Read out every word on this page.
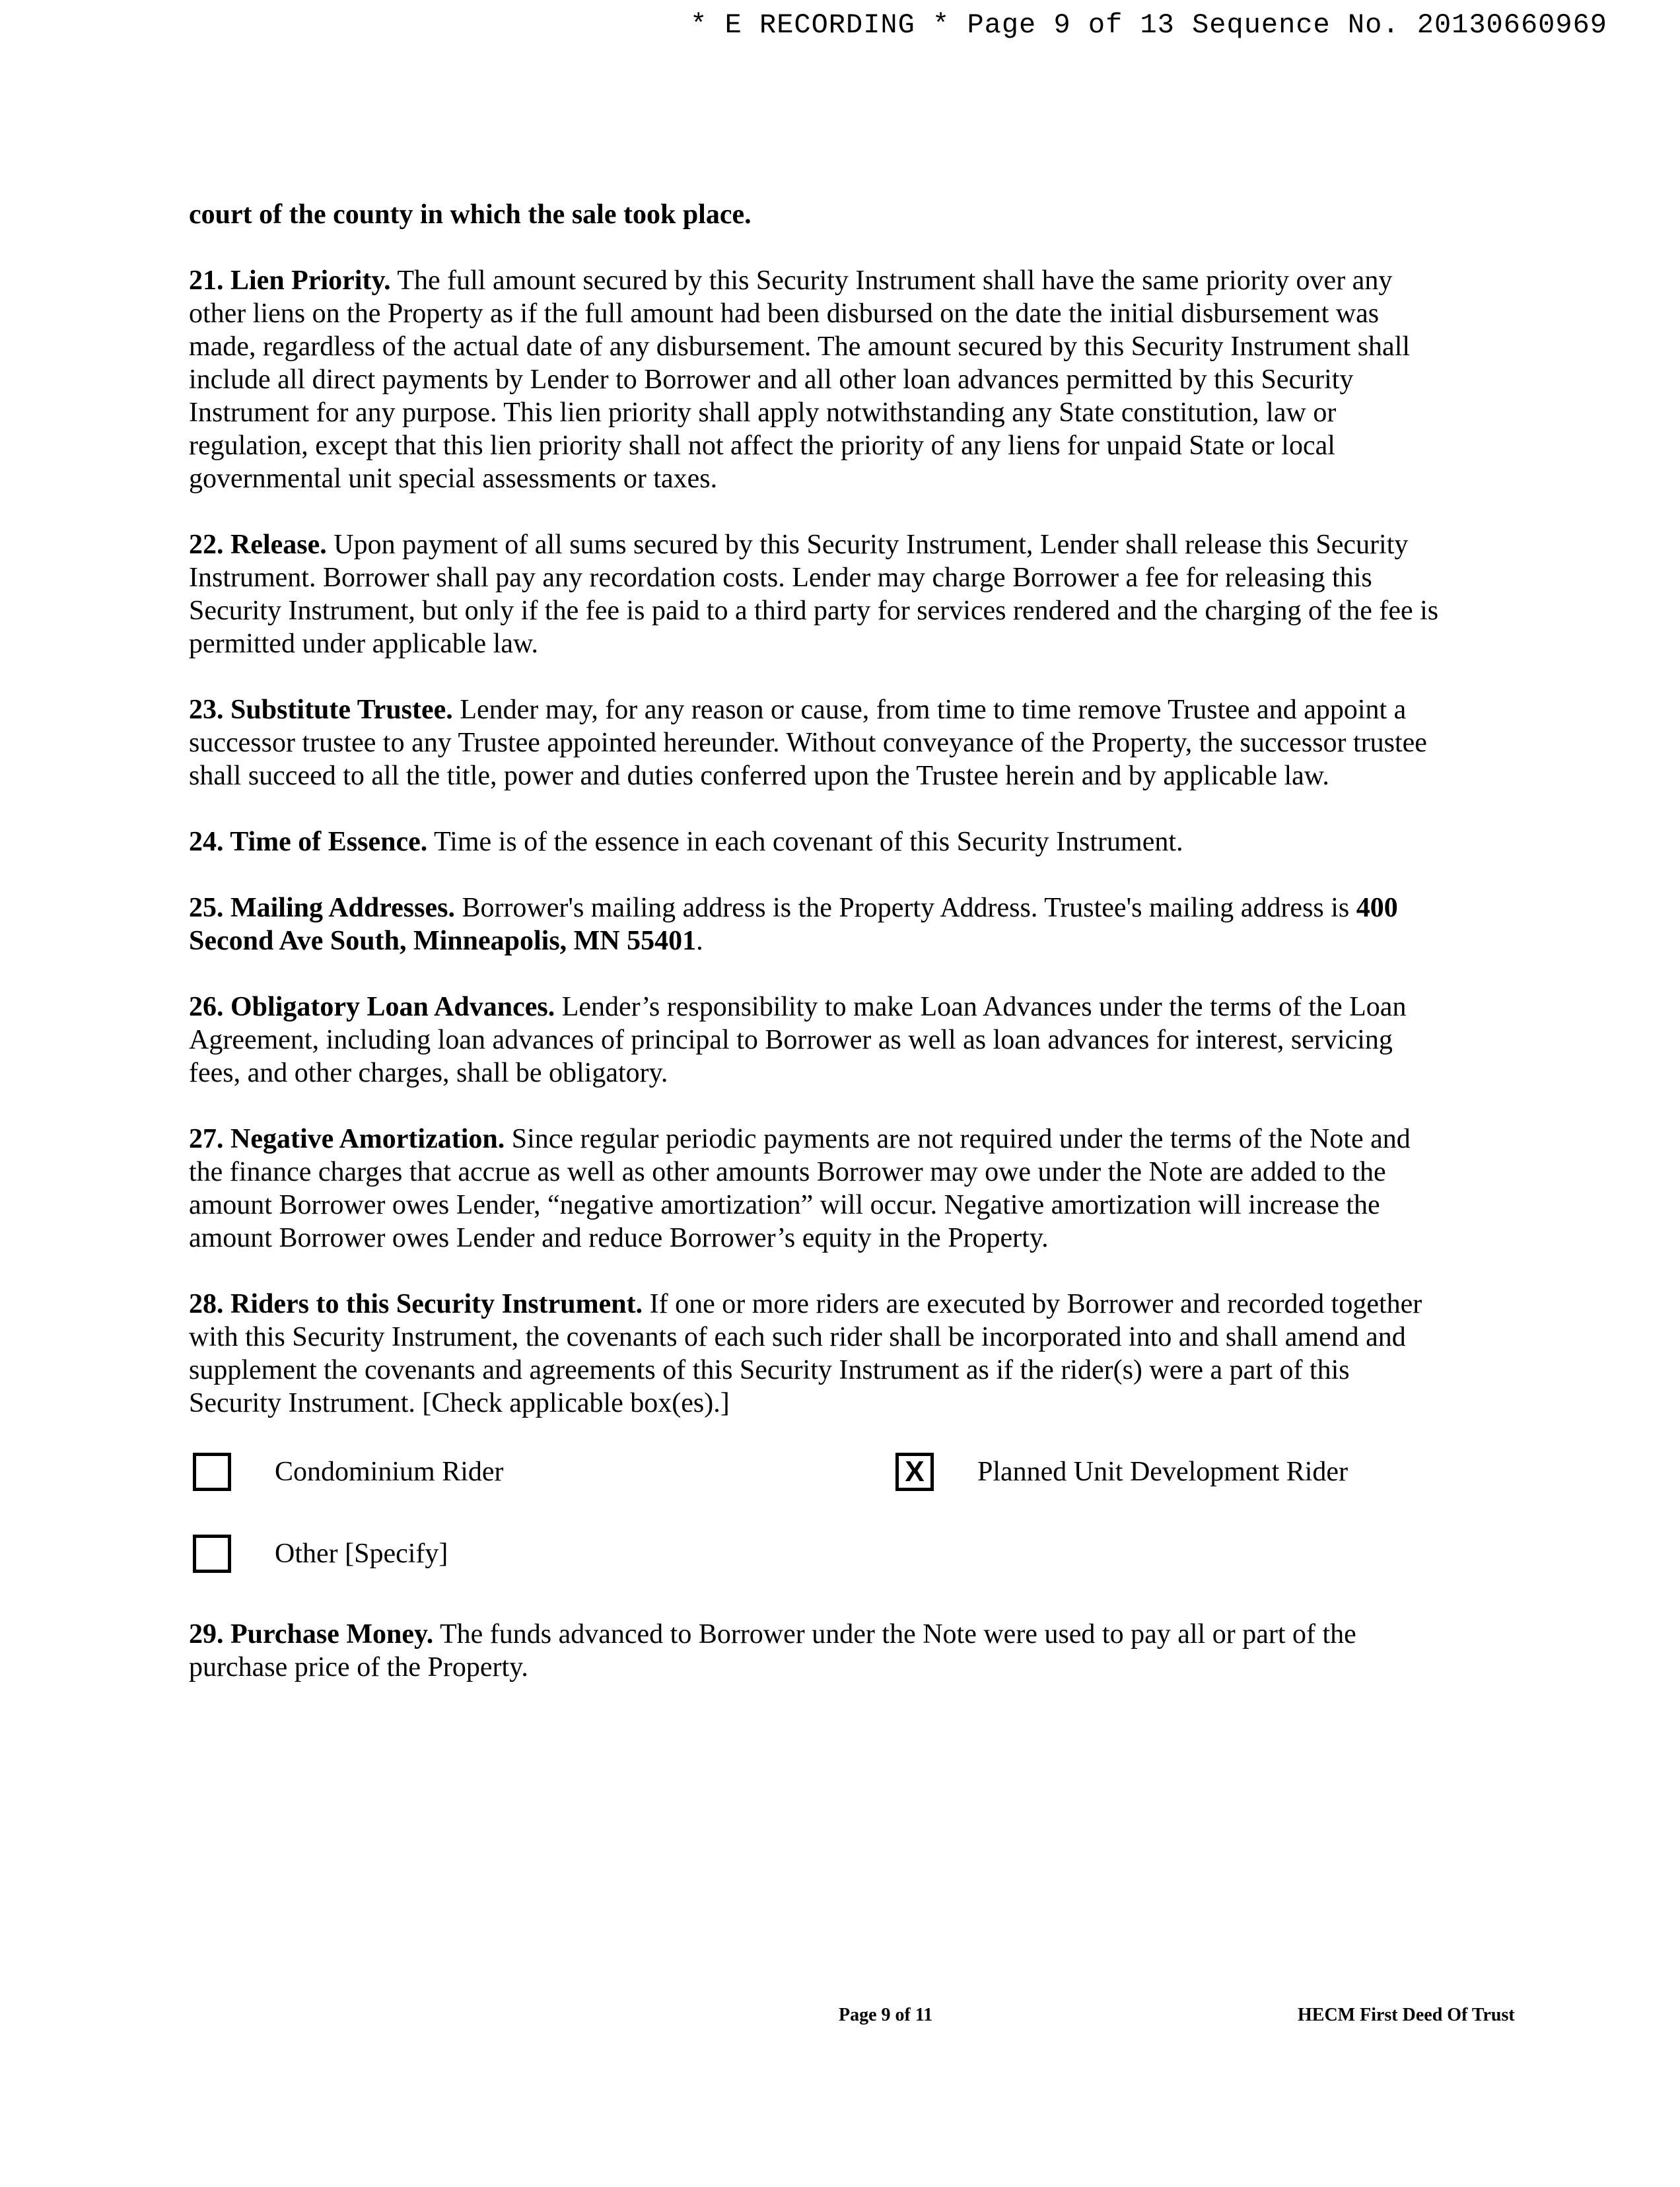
* E RECORDING * Page 9 of 13 Sequence No. 20130660969
court of the county in which the sale took place.

21. Lien Priority. The full amount secured by this Security Instrument shall have the same priority over any other liens on the Property as if the full amount had been disbursed on the date the initial disbursement was made, regardless of the actual date of any disbursement. The amount secured by this Security Instrument shall include all direct payments by Lender to Borrower and all other loan advances permitted by this Security Instrument for any purpose. This lien priority shall apply notwithstanding any State constitution, law or regulation, except that this lien priority shall not affect the priority of any liens for unpaid State or local governmental unit special assessments or taxes.

22. Release. Upon payment of all sums secured by this Security Instrument, Lender shall release this Security Instrument. Borrower shall pay any recordation costs. Lender may charge Borrower a fee for releasing this Security Instrument, but only if the fee is paid to a third party for services rendered and the charging of the fee is permitted under applicable law.

23. Substitute Trustee. Lender may, for any reason or cause, from time to time remove Trustee and appoint a successor trustee to any Trustee appointed hereunder. Without conveyance of the Property, the successor trustee shall succeed to all the title, power and duties conferred upon the Trustee herein and by applicable law.

24. Time of Essence. Time is of the essence in each covenant of this Security Instrument.

25. Mailing Addresses. Borrower's mailing address is the Property Address. Trustee's mailing address is 400 Second Ave South, Minneapolis, MN 55401.

26. Obligatory Loan Advances. Lender’s responsibility to make Loan Advances under the terms of the Loan Agreement, including loan advances of principal to Borrower as well as loan advances for interest, servicing fees, and other charges, shall be obligatory.

27. Negative Amortization. Since regular periodic payments are not required under the terms of the Note and the finance charges that accrue as well as other amounts Borrower may owe under the Note are added to the amount Borrower owes Lender, “negative amortization” will occur. Negative amortization will increase the amount Borrower owes Lender and reduce Borrower’s equity in the Property.

28. Riders to this Security Instrument. If one or more riders are executed by Borrower and recorded together with this Security Instrument, the covenants of each such rider shall be incorporated into and shall amend and supplement the covenants and agreements of this Security Instrument as if the rider(s) were a part of this Security Instrument. [Check applicable box(es).]

Condominium Rider	X	Planned Unit Development Rider
Other [Specify]

29. Purchase Money. The funds advanced to Borrower under the Note were used to pay all or part of the purchase price of the Property.

Page 9 of 11	HECM First Deed Of Trust
